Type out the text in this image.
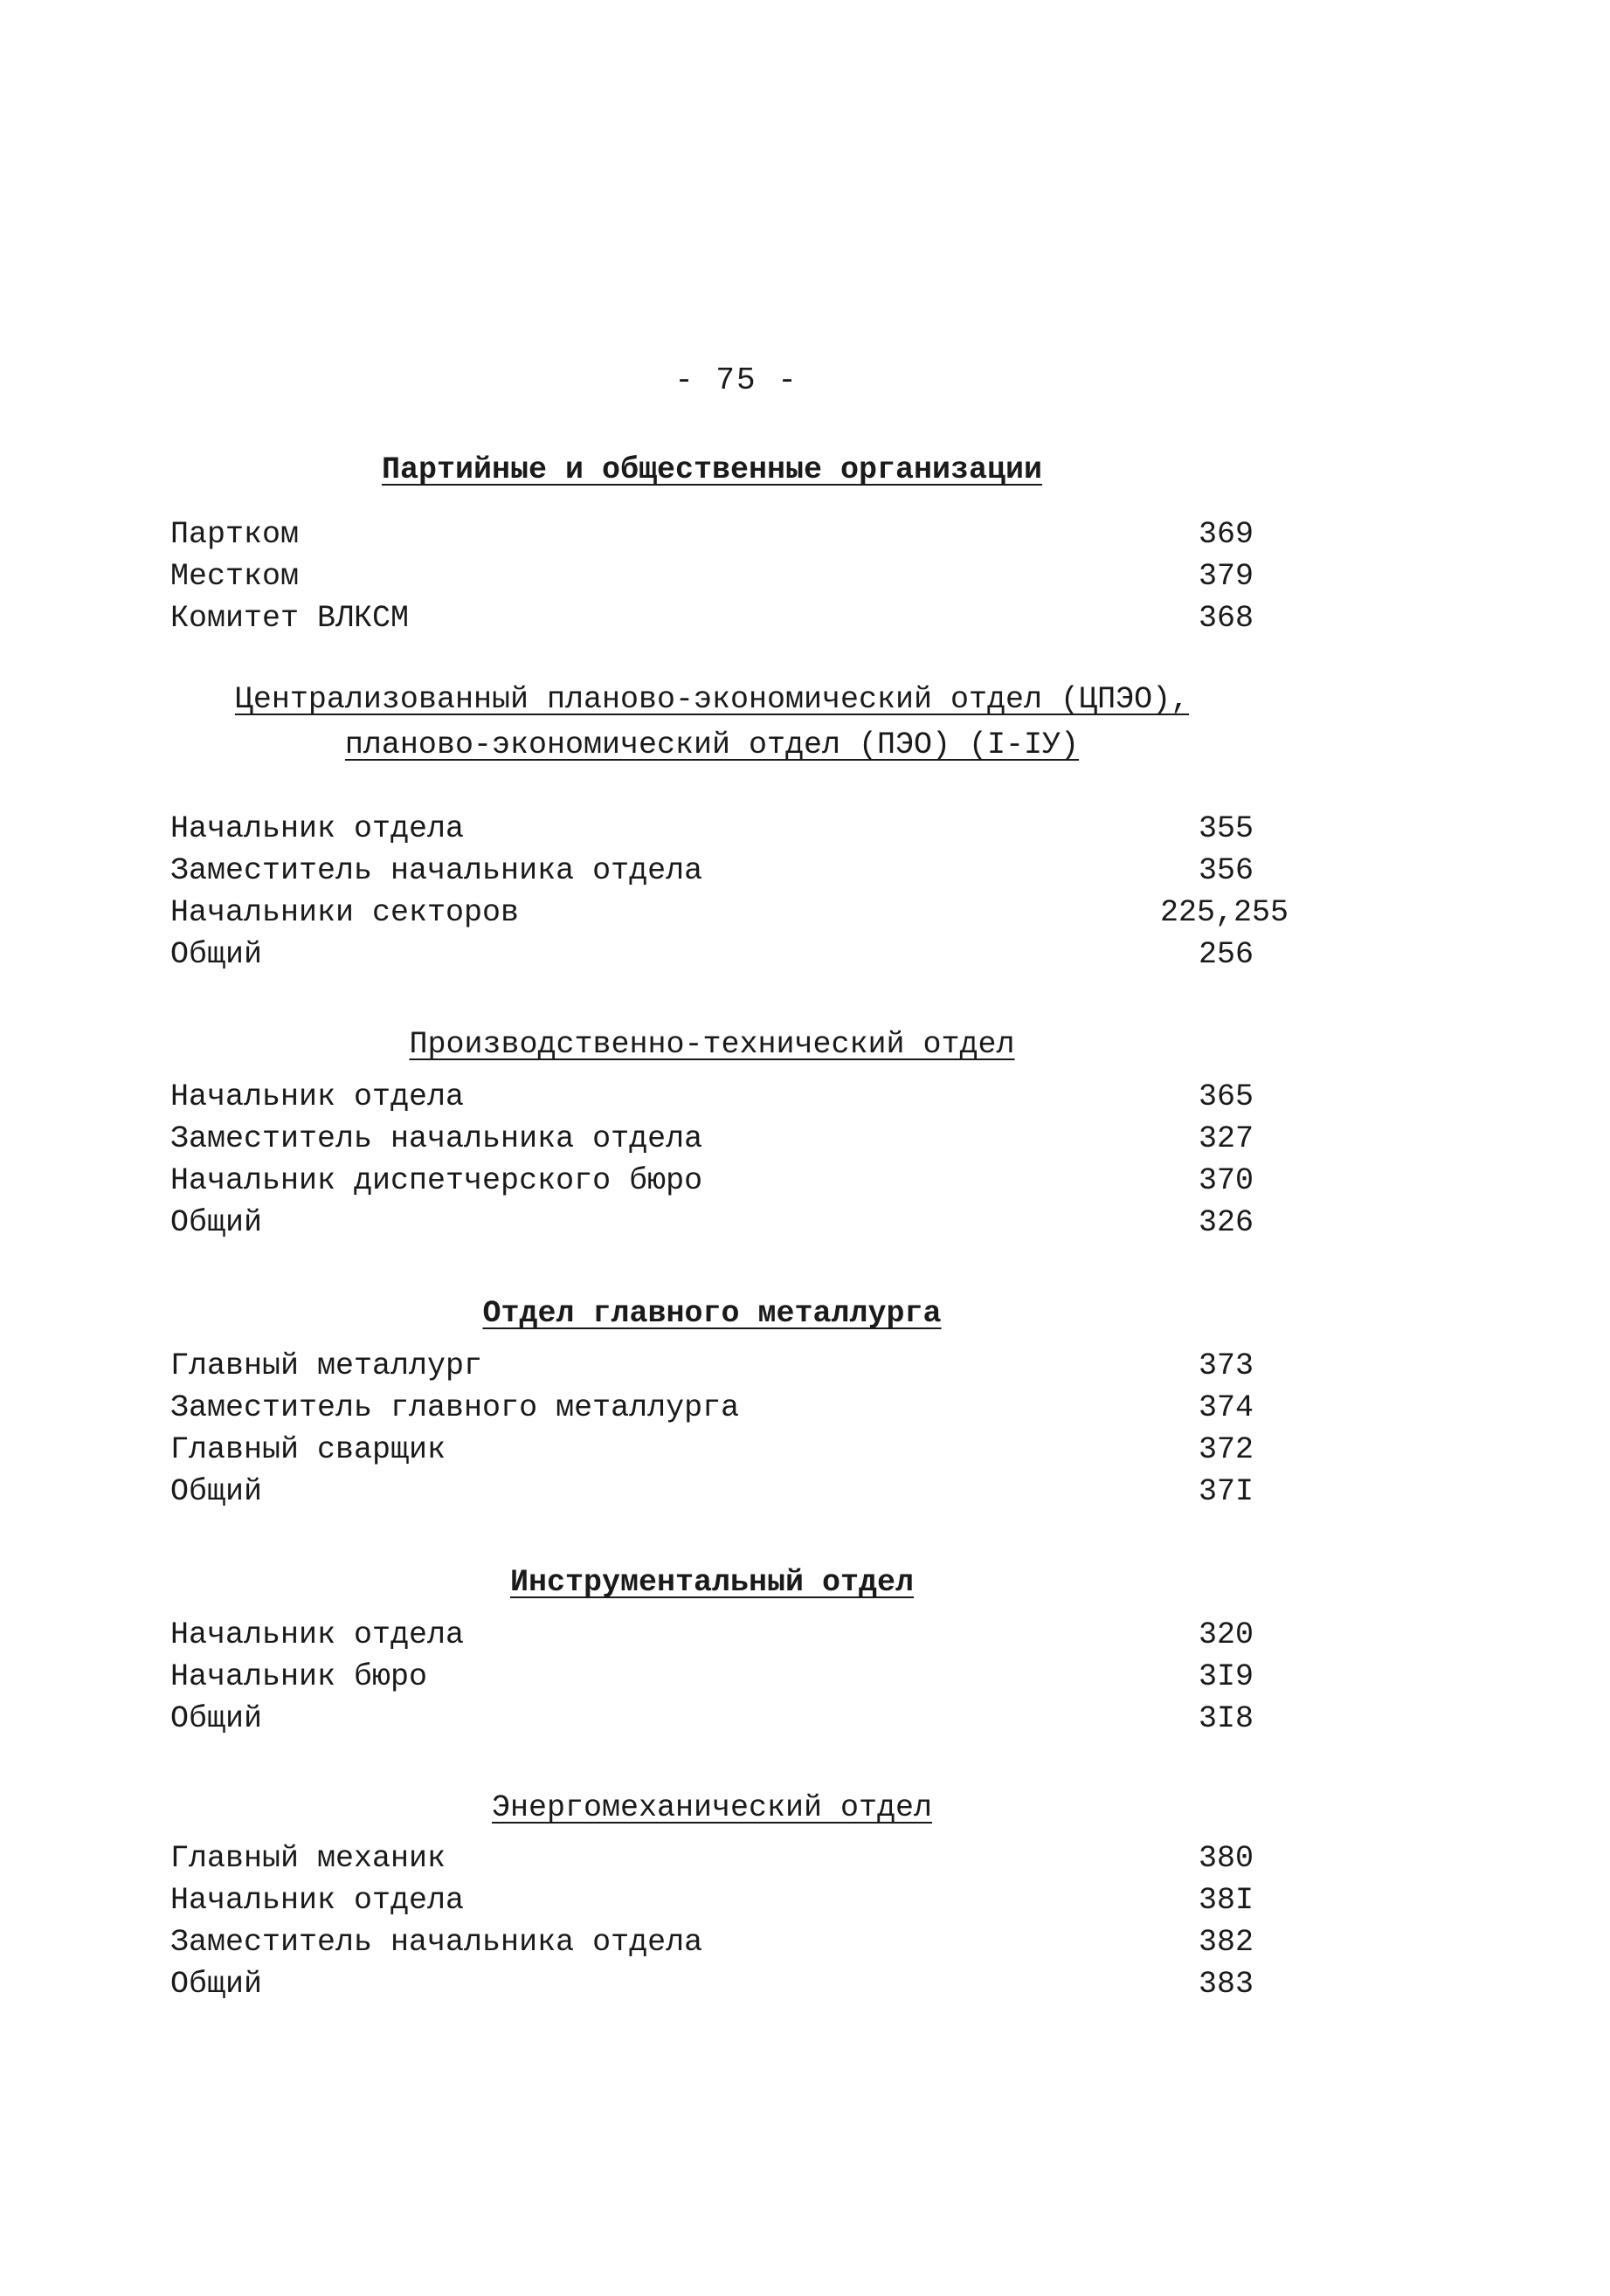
- 75 -
Партийные и общественные организации
Партком	369
Местком	379
Комитет ВЛКСМ	368
Централизованный планово-экономический отдел (ЦПЭО),
планово-экономический отдел (ПЭО) (I-IУ)
Начальник отдела	355
Заместитель начальника отдела	356
Начальники секторов	225,255
Общий	256
Производственно-технический отдел
Начальник отдела	365
Заместитель начальника отдела	327
Начальник диспетчерского бюро	370
Общий	326
Отдел главного металлурга
Главный металлург	373
Заместитель главного металлурга	374
Главный сварщик	372
Общий	37I
Инструментальный отдел
Начальник отдела	320
Начальник бюро	3I9
Общий	3I8
Энергомеханический отдел
Главный механик	380
Начальник отдела	38I
Заместитель начальника отдела	382
Общий	383
